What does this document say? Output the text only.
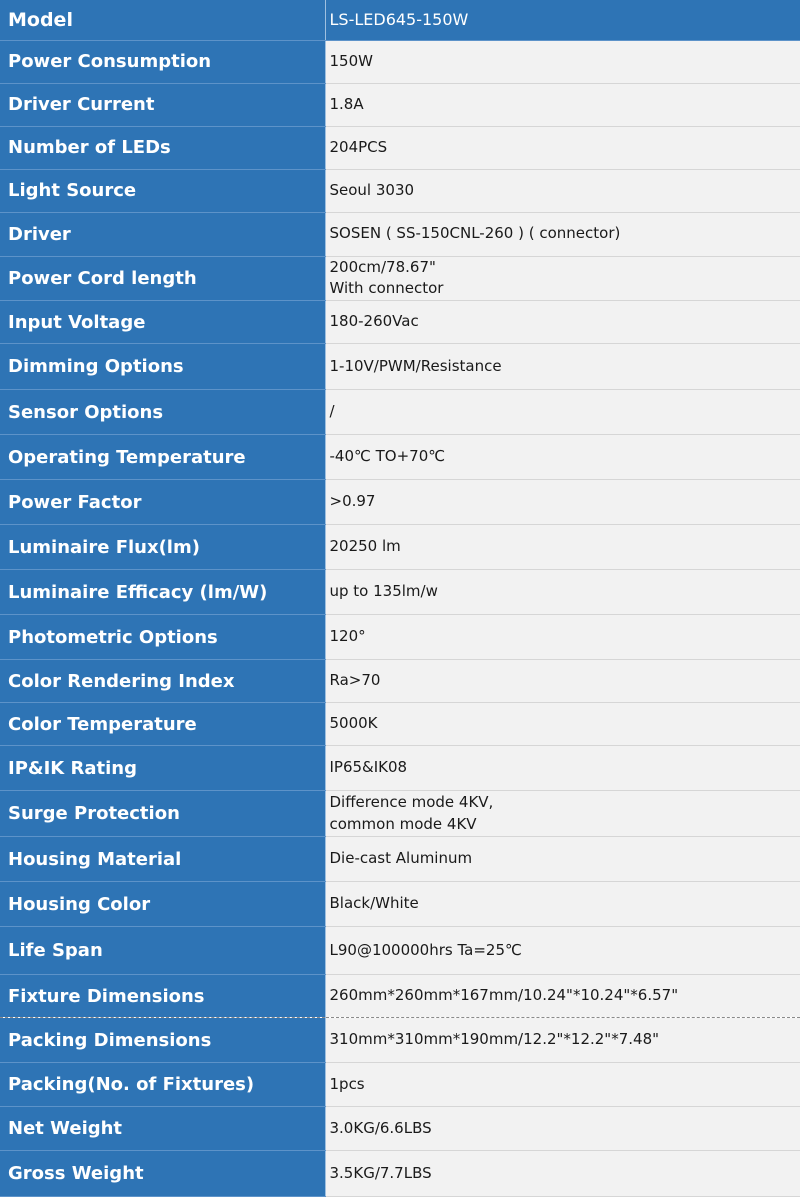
Model	LS-LED645-150W
Power Consumption	150W
Driver Current	1.8A
Number of LEDs	204PCS
Light Source	Seoul 3030
Driver	SOSEN ( SS-150CNL-260 ) ( connector)
Power Cord length	200cm/78.67"
With connector
Input Voltage	180-260Vac
Dimming Options	1-10V/PWM/Resistance
Sensor Options	/
Operating Temperature	-40℃ TO+70℃
Power Factor	>0.97
Luminaire Flux(lm)	20250 lm
Luminaire Efficacy (lm/W)	up to 135lm/w
Photometric Options	120°
Color Rendering Index	Ra>70
Color Temperature	5000K
IP&IK Rating	IP65&IK08
Surge Protection	Difference mode 4KV,
common mode 4KV
Housing Material	Die-cast Aluminum
Housing Color	Black/White
Life Span	L90@100000hrs Ta=25℃
Fixture Dimensions	260mm*260mm*167mm/10.24"*10.24"*6.57"
Packing Dimensions	310mm*310mm*190mm/12.2"*12.2"*7.48"
Packing(No. of Fixtures)	1pcs
Net Weight	3.0KG/6.6LBS
Gross Weight	3.5KG/7.7LBS
